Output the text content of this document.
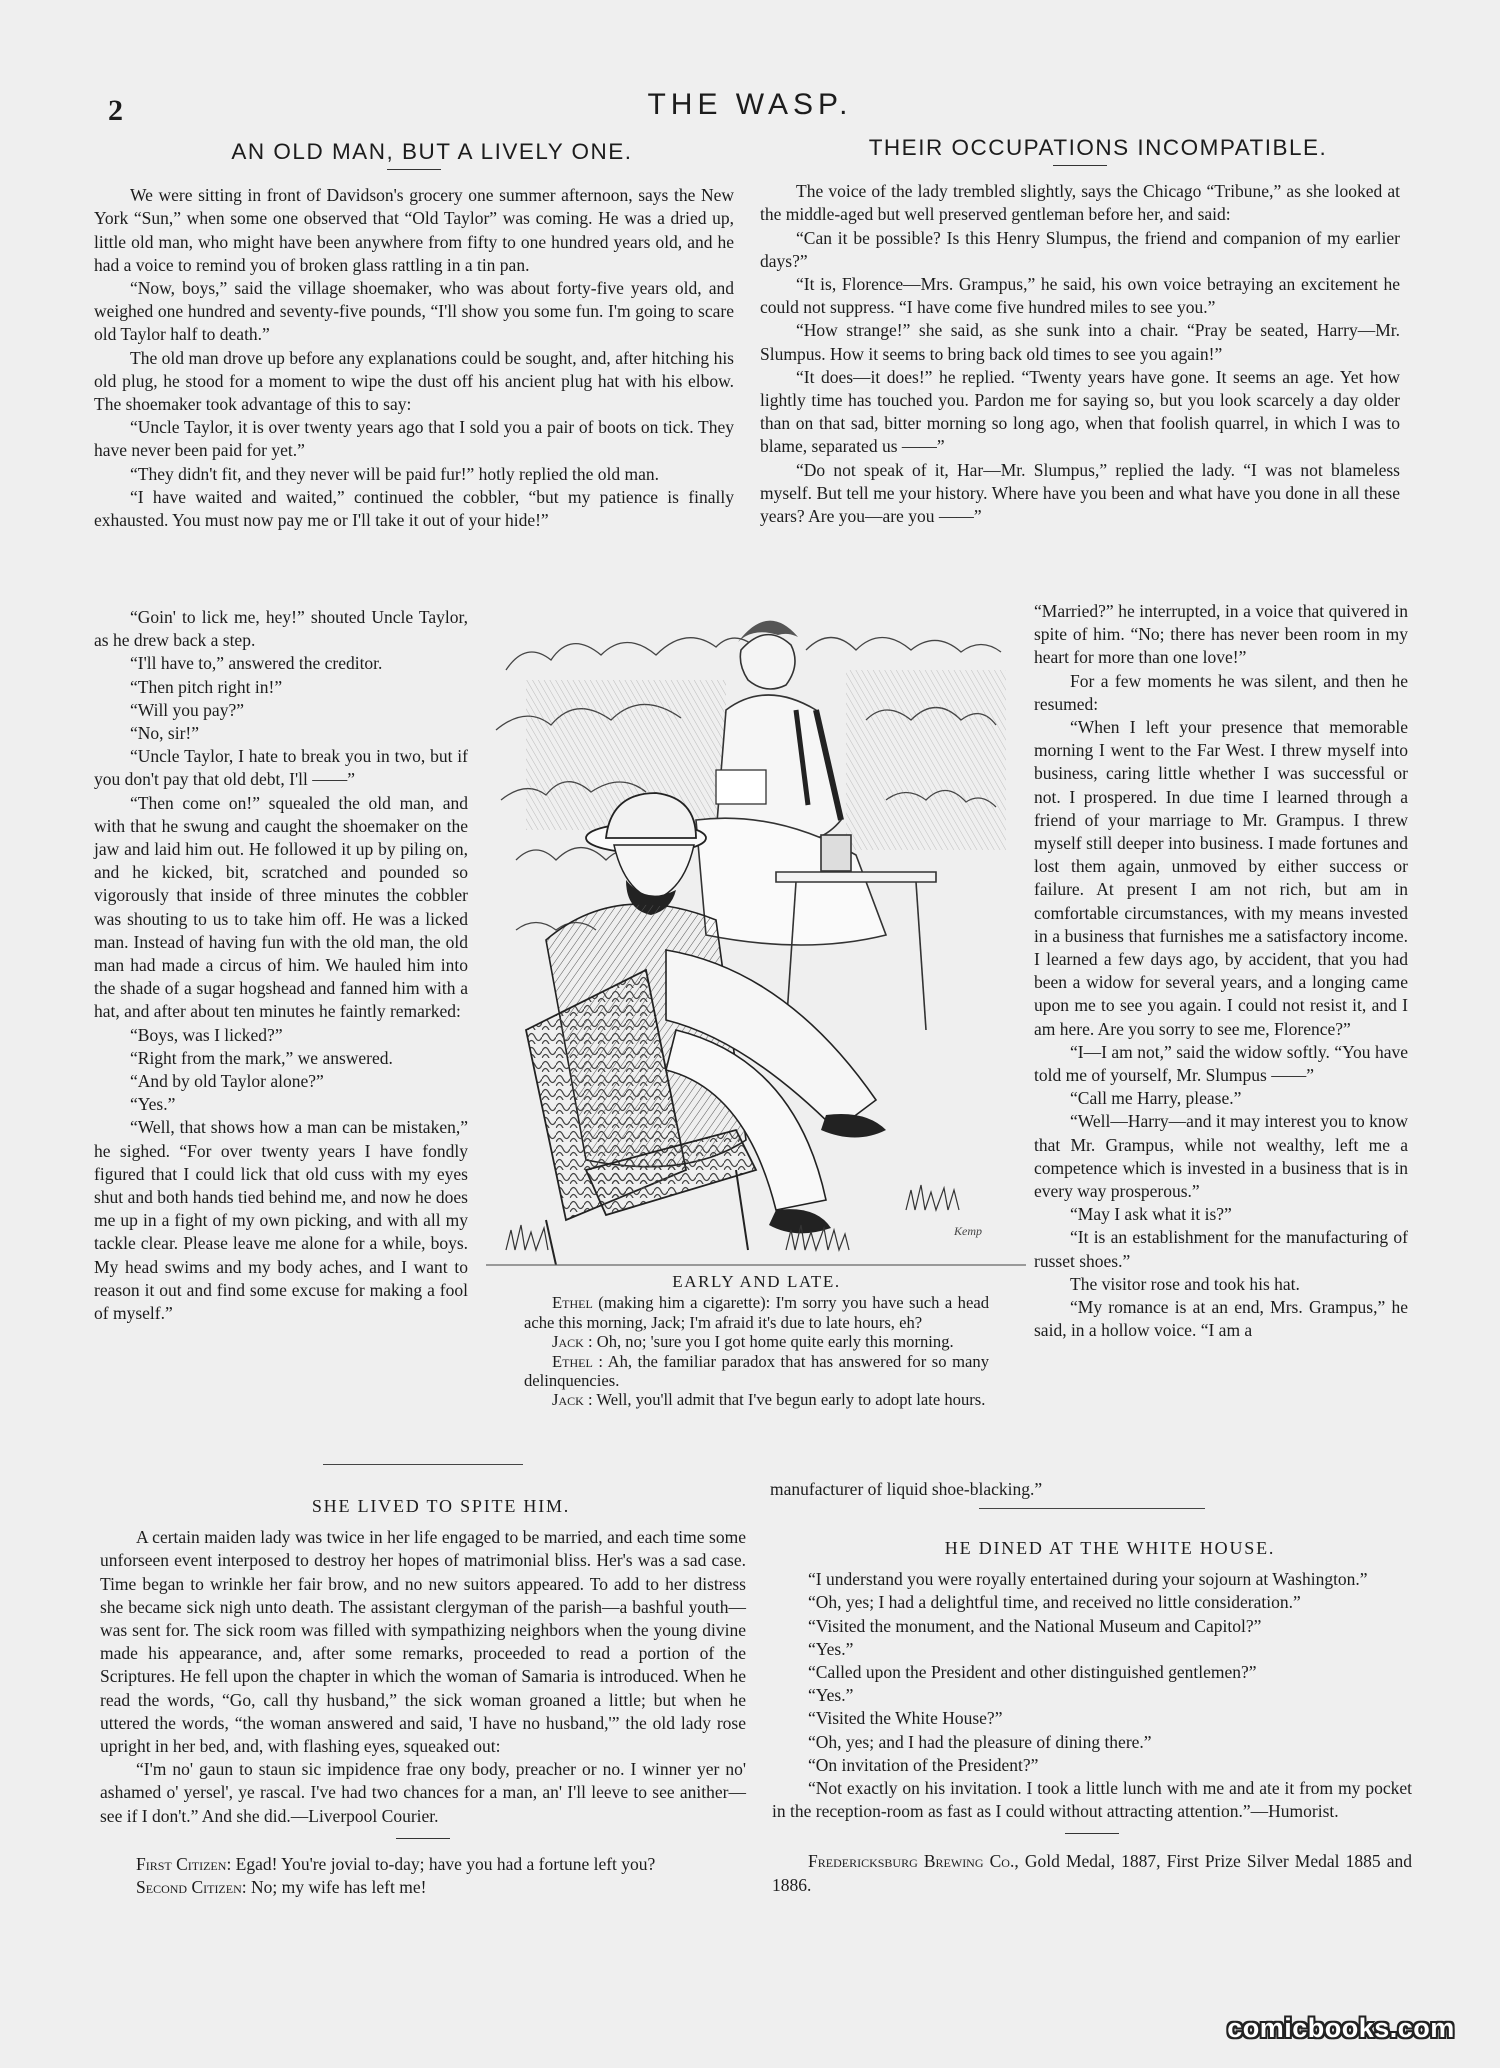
2	THE WASP.

AN OLD MAN, BUT A LIVELY ONE.

We were sitting in front of Davidson's grocery one summer afternoon, says the New York “Sun,” when some one observed that “Old Taylor” was coming. He was a dried up, little old man, who might have been anywhere from fifty to one hundred years old, and he had a voice to remind you of broken glass rattling in a tin pan.

“Now, boys,” said the village shoemaker, who was about forty-five years old, and weighed one hundred and seventy-five pounds, “I'll show you some fun. I'm going to scare old Taylor half to death.”

The old man drove up before any explanations could be sought, and, after hitching his old plug, he stood for a moment to wipe the dust off his ancient plug hat with his elbow. The shoemaker took advantage of this to say:

“Uncle Taylor, it is over twenty years ago that I sold you a pair of boots on tick. They have never been paid for yet.”

“They didn't fit, and they never will be paid fur!” hotly replied the old man.

“I have waited and waited,” continued the cobbler, “but my patience is finally exhausted. You must now pay me or I'll take it out of your hide!”

“Goin' to lick me, hey!” shouted Uncle Taylor, as he drew back a step.

“I'll have to,” answered the creditor.

“Then pitch right in!”

“Will you pay?”

“No, sir!”

“Uncle Taylor, I hate to break you in two, but if you don't pay that old debt, I'll ——”

“Then come on!” squealed the old man, and with that he swung and caught the shoemaker on the jaw and laid him out. He followed it up by piling on, and he kicked, bit, scratched and pounded so vigorously that inside of three minutes the cobbler was shouting to us to take him off. He was a licked man. Instead of having fun with the old man, the old man had made a circus of him. We hauled him into the shade of a sugar hogshead and fanned him with a hat, and after about ten minutes he faintly remarked:

“Boys, was I licked?”

“Right from the mark,” we answered.

“And by old Taylor alone?”

“Yes.”

“Well, that shows how a man can be mistaken,” he sighed. “For over twenty years I have fondly figured that I could lick that old cuss with my eyes shut and both hands tied behind me, and now he does me up in a fight of my own picking, and with all my tackle clear. Please leave me alone for a while, boys. My head swims and my body aches, and I want to reason it out and find some excuse for making a fool of myself.”

THEIR OCCUPATIONS INCOMPATIBLE.

The voice of the lady trembled slightly, says the Chicago “Tribune,” as she looked at the middle-aged but well preserved gentleman before her, and said:

“Can it be possible? Is this Henry Slumpus, the friend and companion of my earlier days?”

“It is, Florence—Mrs. Grampus,” he said, his own voice betraying an excitement he could not suppress. “I have come five hundred miles to see you.”

“How strange!” she said, as she sunk into a chair. “Pray be seated, Harry—Mr. Slumpus. How it seems to bring back old times to see you again!”

“It does—it does!” he replied. “Twenty years have gone. It seems an age. Yet how lightly time has touched you. Pardon me for saying so, but you look scarcely a day older than on that sad, bitter morning so long ago, when that foolish quarrel, in which I was to blame, separated us ——”

“Do not speak of it, Har—Mr. Slumpus,” replied the lady. “I was not blameless myself. But tell me your history. Where have you been and what have you done in all these years? Are you—are you ——”

“Married?” he interrupted, in a voice that quivered in spite of him. “No; there has never been room in my heart for more than one love!”

For a few moments he was silent, and then he resumed:

“When I left your presence that memorable morning I went to the Far West. I threw myself into business, caring little whether I was successful or not. I prospered. In due time I learned through a friend of your marriage to Mr. Grampus. I threw myself still deeper into business. I made fortunes and lost them again, unmoved by either success or failure. At present I am not rich, but am in comfortable circumstances, with my means invested in a business that furnishes me a satisfactory income. I learned a few days ago, by accident, that you had been a widow for several years, and a longing came upon me to see you again. I could not resist it, and I am here. Are you sorry to see me, Florence?”

“I—I am not,” said the widow softly. “You have told me of yourself, Mr. Slumpus ——”

“Call me Harry, please.”

“Well—Harry—and it may interest you to know that Mr. Grampus, while not wealthy, left me a competence which is invested in a business that is in every way prosperous.”

“May I ask what it is?”

“It is an establishment for the manufacturing of russet shoes.”

The visitor rose and took his hat.

“My romance is at an end, Mrs. Grampus,” he said, in a hollow voice. “I am a

manufacturer of liquid shoe-blacking.”

Kemp
EARLY AND LATE.

Ethel (making him a cigarette): I'm sorry you have such a head ache this morning, Jack; I'm afraid it's due to late hours, eh?

Jack : Oh, no; 'sure you I got home quite early this morning.

Ethel : Ah, the familiar paradox that has answered for so many delinquencies.

Jack : Well, you'll admit that I've begun early to adopt late hours.

SHE LIVED TO SPITE HIM.

A certain maiden lady was twice in her life engaged to be married, and each time some unforseen event interposed to destroy her hopes of matrimonial bliss. Her's was a sad case. Time began to wrinkle her fair brow, and no new suitors appeared. To add to her distress she became sick nigh unto death. The assistant clergyman of the parish—a bashful youth—was sent for. The sick room was filled with sympathizing neighbors when the young divine made his appearance, and, after some remarks, proceeded to read a portion of the Scriptures. He fell upon the chapter in which the woman of Samaria is introduced. When he read the words, “Go, call thy husband,” the sick woman groaned a little; but when he uttered the words, “the woman answered and said, 'I have no husband,'” the old lady rose upright in her bed, and, with flashing eyes, squeaked out:

“I'm no' gaun to staun sic impidence frae ony body, preacher or no. I winner yer no' ashamed o' yersel', ye rascal. I've had two chances for a man, an' I'll leeve to see anither—see if I don't.” And she did.—Liverpool Courier.

First Citizen: Egad! You're jovial to-day; have you had a fortune left you?

Second Citizen: No; my wife has left me!

HE DINED AT THE WHITE HOUSE.

“I understand you were royally entertained during your sojourn at Washington.”

“Oh, yes; I had a delightful time, and received no little consideration.”

“Visited the monument, and the National Museum and Capitol?”

“Yes.”

“Called upon the President and other distinguished gentlemen?”

“Yes.”

“Visited the White House?”

“Oh, yes; and I had the pleasure of dining there.”

“On invitation of the President?”

“Not exactly on his invitation. I took a little lunch with me and ate it from my pocket in the reception-room as fast as I could without attracting attention.”—Humorist.

Fredericksburg Brewing Co., Gold Medal, 1887, First Prize Silver Medal 1885 and 1886.

comicbooks.com
